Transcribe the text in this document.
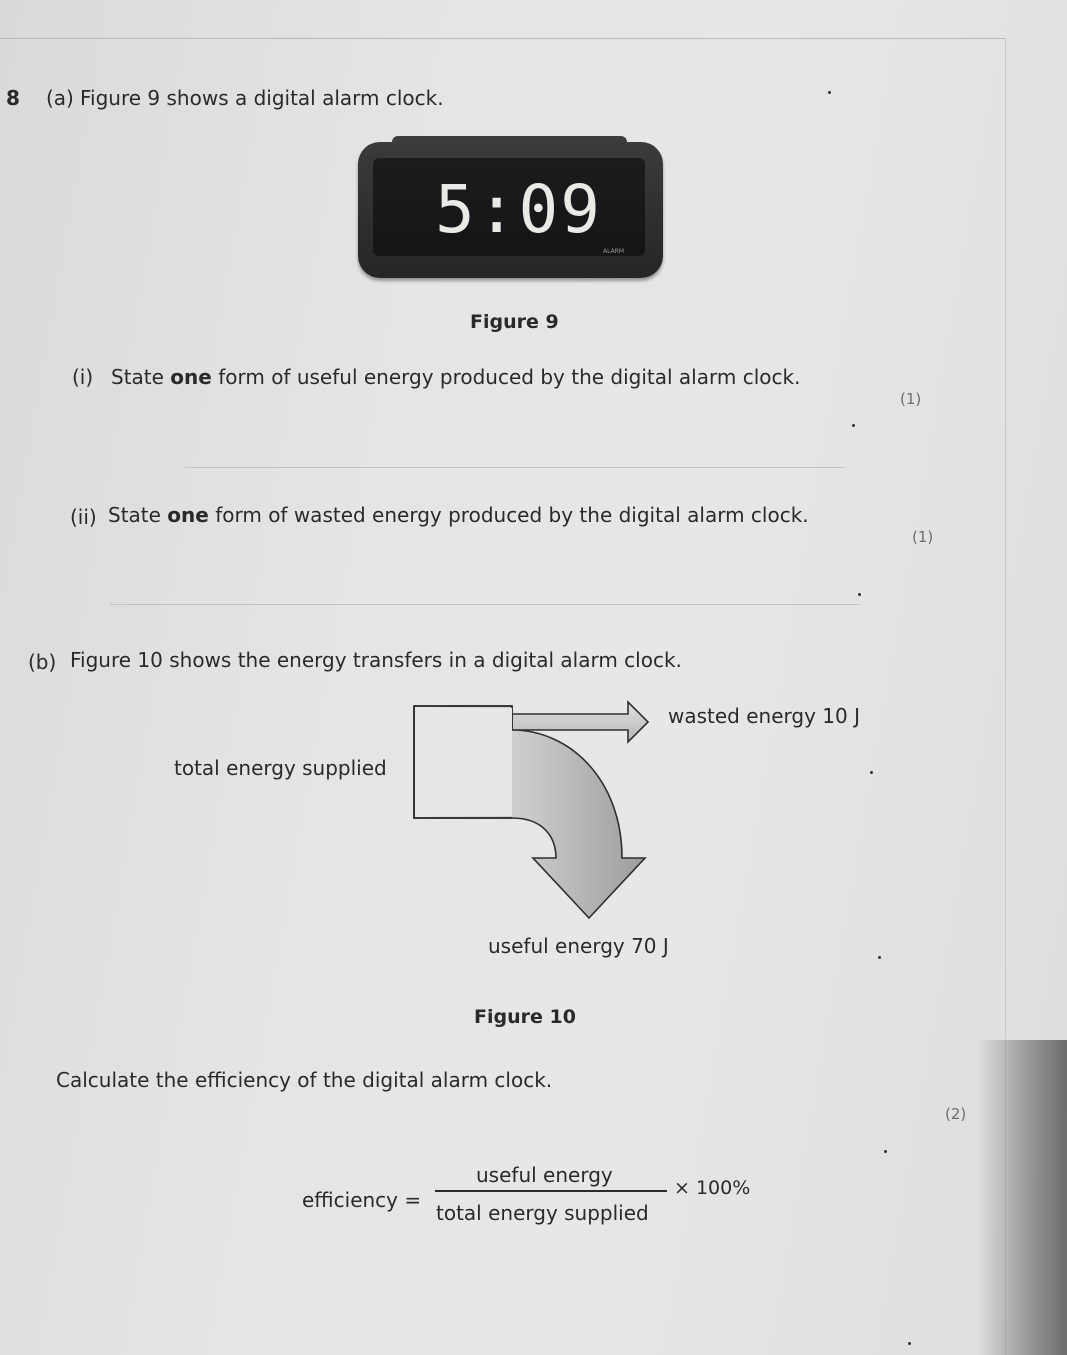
8 (a) Figure 9 shows a digital alarm clock.
5:09
ALARM
Figure 9
(i) State one form of useful energy produced by the digital alarm clock.
(1)
(ii) State one form of wasted energy produced by the digital alarm clock.
(1)
(b) Figure 10 shows the energy transfers in a digital alarm clock.
wasted energy 10 J
total energy supplied
useful energy 70 J
Figure 10
Calculate the efficiency of the digital alarm clock.
(2)
efficiency =
useful energy
total energy supplied
× 100%
